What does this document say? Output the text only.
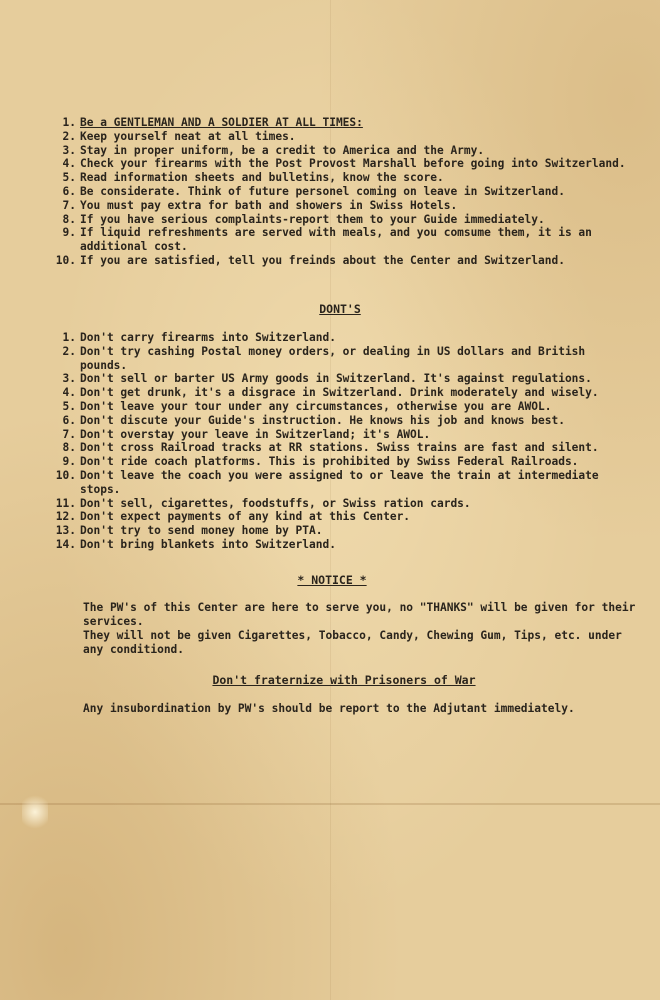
1. Be a GENTLEMAN AND A SOLDIER AT ALL TIMES:
2. Keep yourself neat at all times.
3. Stay in proper uniform, be a credit to America and the Army.
4. Check your firearms with the Post Provost Marshall before going into Switzerland.
5. Read information sheets and bulletins, know the score.
6. Be considerate. Think of future personel coming on leave in Switzerland.
7. You must pay extra for bath and showers in Swiss Hotels.
8. If you have serious complaints-report them to your Guide immediately.
9. If liquid refreshments are served with meals, and you comsume them, it is an additional cost.
10. If you are satisfied, tell you freinds about the Center and Switzerland.
DONT'S
1. Don't carry firearms into Switzerland.
2. Don't try cashing Postal money orders, or dealing in US dollars and British pounds.
3. Don't sell or barter US Army goods in Switzerland. It's against regulations.
4. Don't get drunk, it's a disgrace in Switzerland. Drink moderately and wisely.
5. Don't leave your tour under any circumstances, otherwise you are AWOL.
6. Don't discute your Guide's instruction. He knows his job and knows best.
7. Don't overstay your leave in Switzerland; it's AWOL.
8. Don't cross Railroad tracks at RR stations. Swiss trains are fast and silent.
9. Don't ride coach platforms. This is prohibited by Swiss Federal Railroads.
10. Don't leave the coach you were assigned to or leave the train at intermediate stops.
11. Don't sell, cigarettes, foodstuffs, or Swiss ration cards.
12. Don't expect payments of any kind at this Center.
13. Don't try to send money home by PTA.
14. Don't bring blankets into Switzerland.
* NOTICE *
The PW's of this Center are here to serve you, no "THANKS" will be given for their services.
They will not be given Cigarettes, Tobacco, Candy, Chewing Gum, Tips, etc. under any conditiond.
Don't fraternize with Prisoners of War
Any insubordination by PW's should be report to the Adjutant immediately.
